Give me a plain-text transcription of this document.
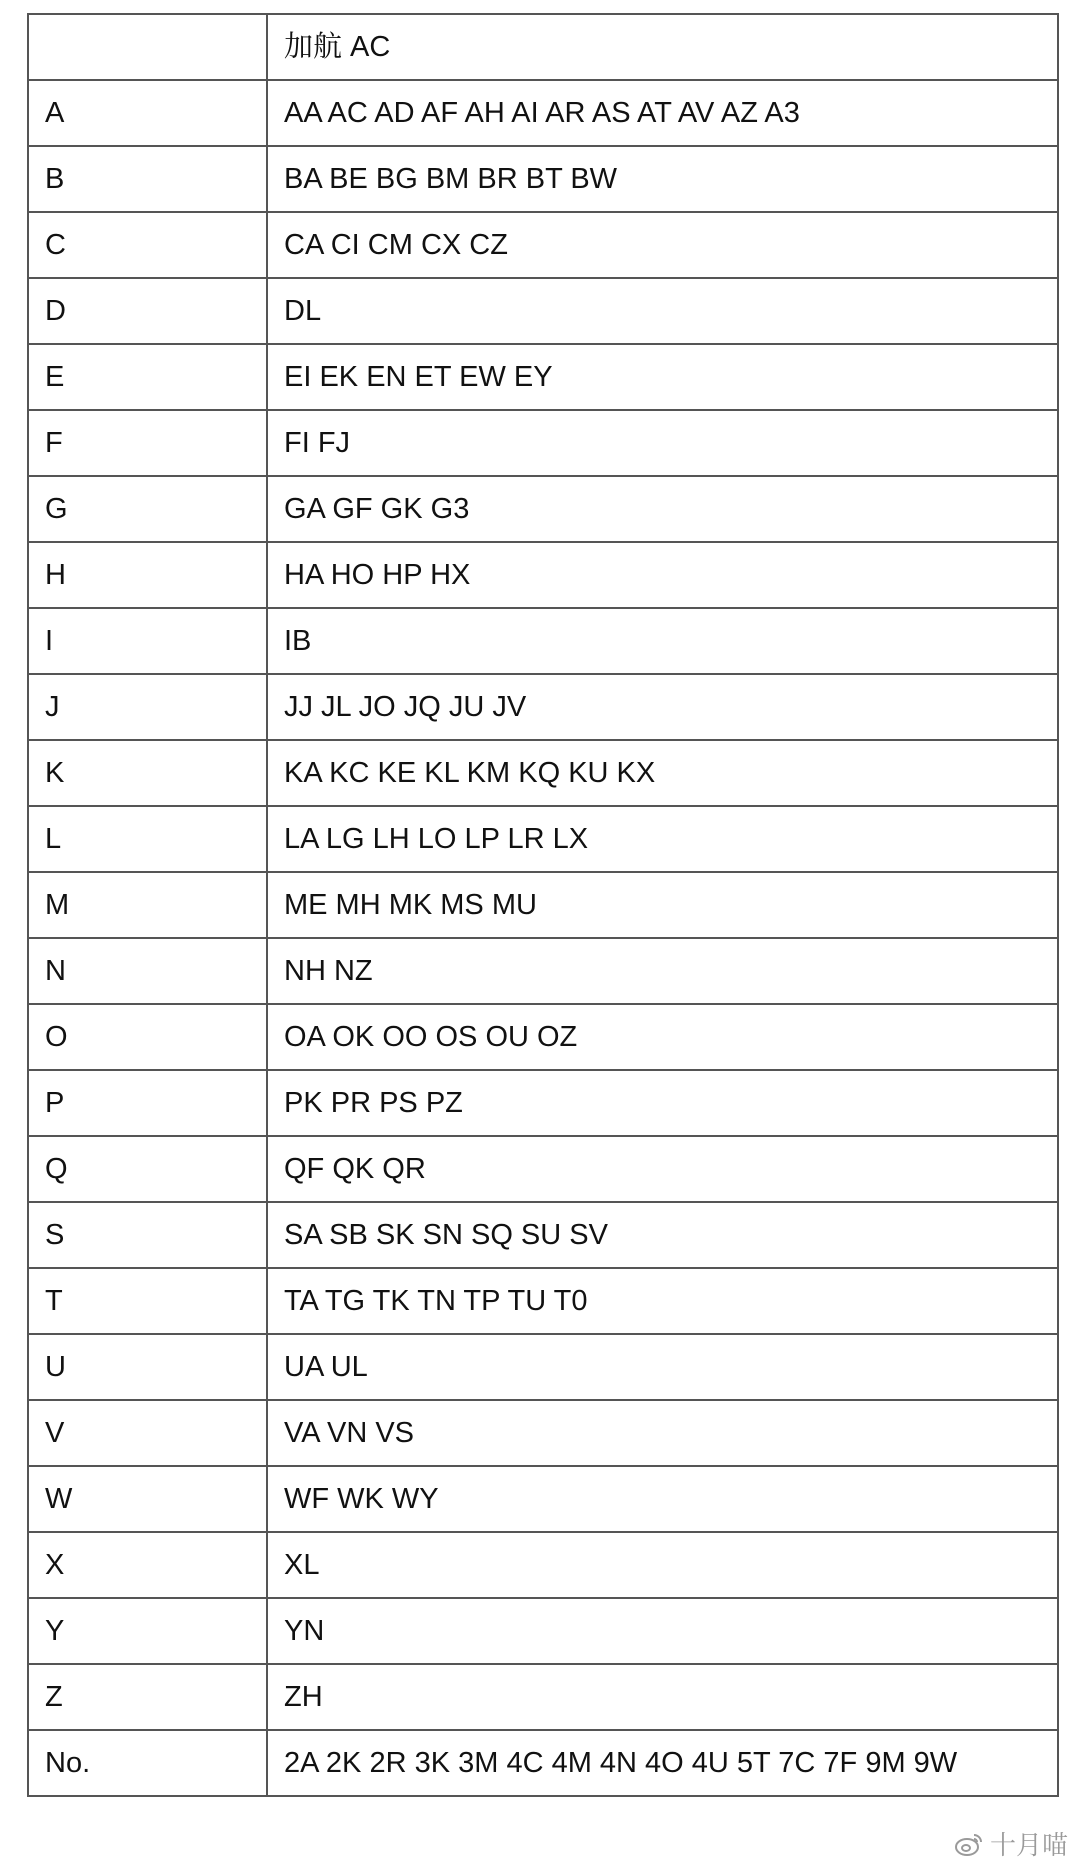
	加航 AC
A	AA AC AD AF AH AI AR AS AT AV AZ A3
B	BA BE BG BM BR BT BW
C	CA CI CM CX CZ
D	DL
E	EI EK EN ET EW EY
F	FI FJ
G	GA GF GK G3
H	HA HO HP HX
I	IB
J	JJ JL JO JQ JU JV
K	KA KC KE KL KM KQ KU KX
L	LA LG LH LO LP LR LX
M	ME MH MK MS MU
N	NH NZ
O	OA OK OO OS OU OZ
P	PK PR PS PZ
Q	QF QK QR
S	SA SB SK SN SQ SU SV
T	TA TG TK TN TP TU T0
U	UA UL
V	VA VN VS
W	WF WK WY
X	XL
Y	YN
Z	ZH
No.	2A 2K 2R 3K 3M 4C 4M 4N 4O 4U 5T 7C 7F 9M 9W
十月喵
